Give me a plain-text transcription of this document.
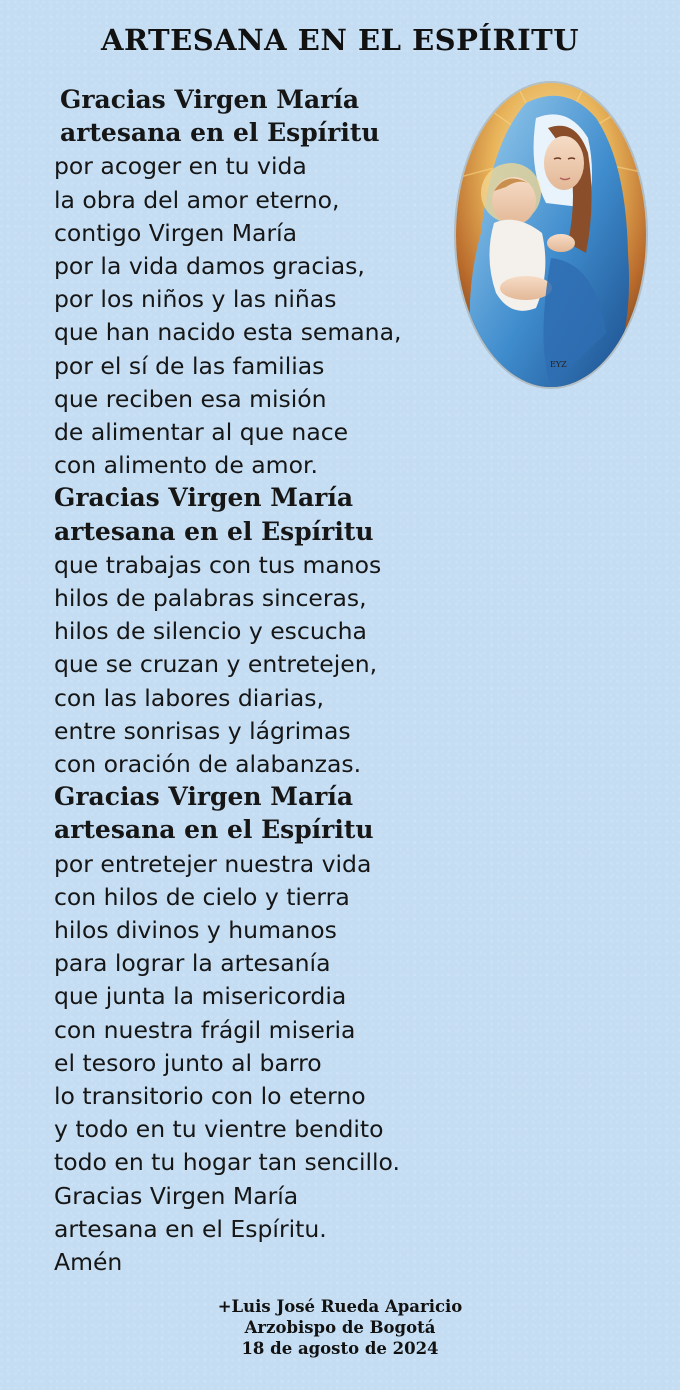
ARTESANA EN EL ESPÍRITU
EYZ
Gracias Virgen María
artesana en el Espíritu
por acoger en tu vida
la obra del amor eterno,
contigo Virgen María
por la vida damos gracias,
por los niños y las niñas
que han nacido esta semana,
por el sí de las familias
que reciben esa misión
de alimentar al que nace
con alimento de amor.
Gracias Virgen María
artesana en el Espíritu
que trabajas con tus manos
hilos de palabras sinceras,
hilos de silencio y escucha
que se cruzan y entretejen,
con las labores diarias,
entre sonrisas y lágrimas
con oración de alabanzas.
Gracias Virgen María
artesana en el Espíritu
por entretejer nuestra vida
con hilos de cielo y tierra
hilos divinos y humanos
para lograr la artesanía
que junta la misericordia
con nuestra frágil miseria
el tesoro junto al barro
lo transitorio con lo eterno
y todo en tu vientre bendito
todo en tu hogar tan sencillo.
Gracias Virgen María
artesana en el Espíritu.
Amén
+Luis José Rueda Aparicio
Arzobispo de Bogotá
18 de agosto de 2024
